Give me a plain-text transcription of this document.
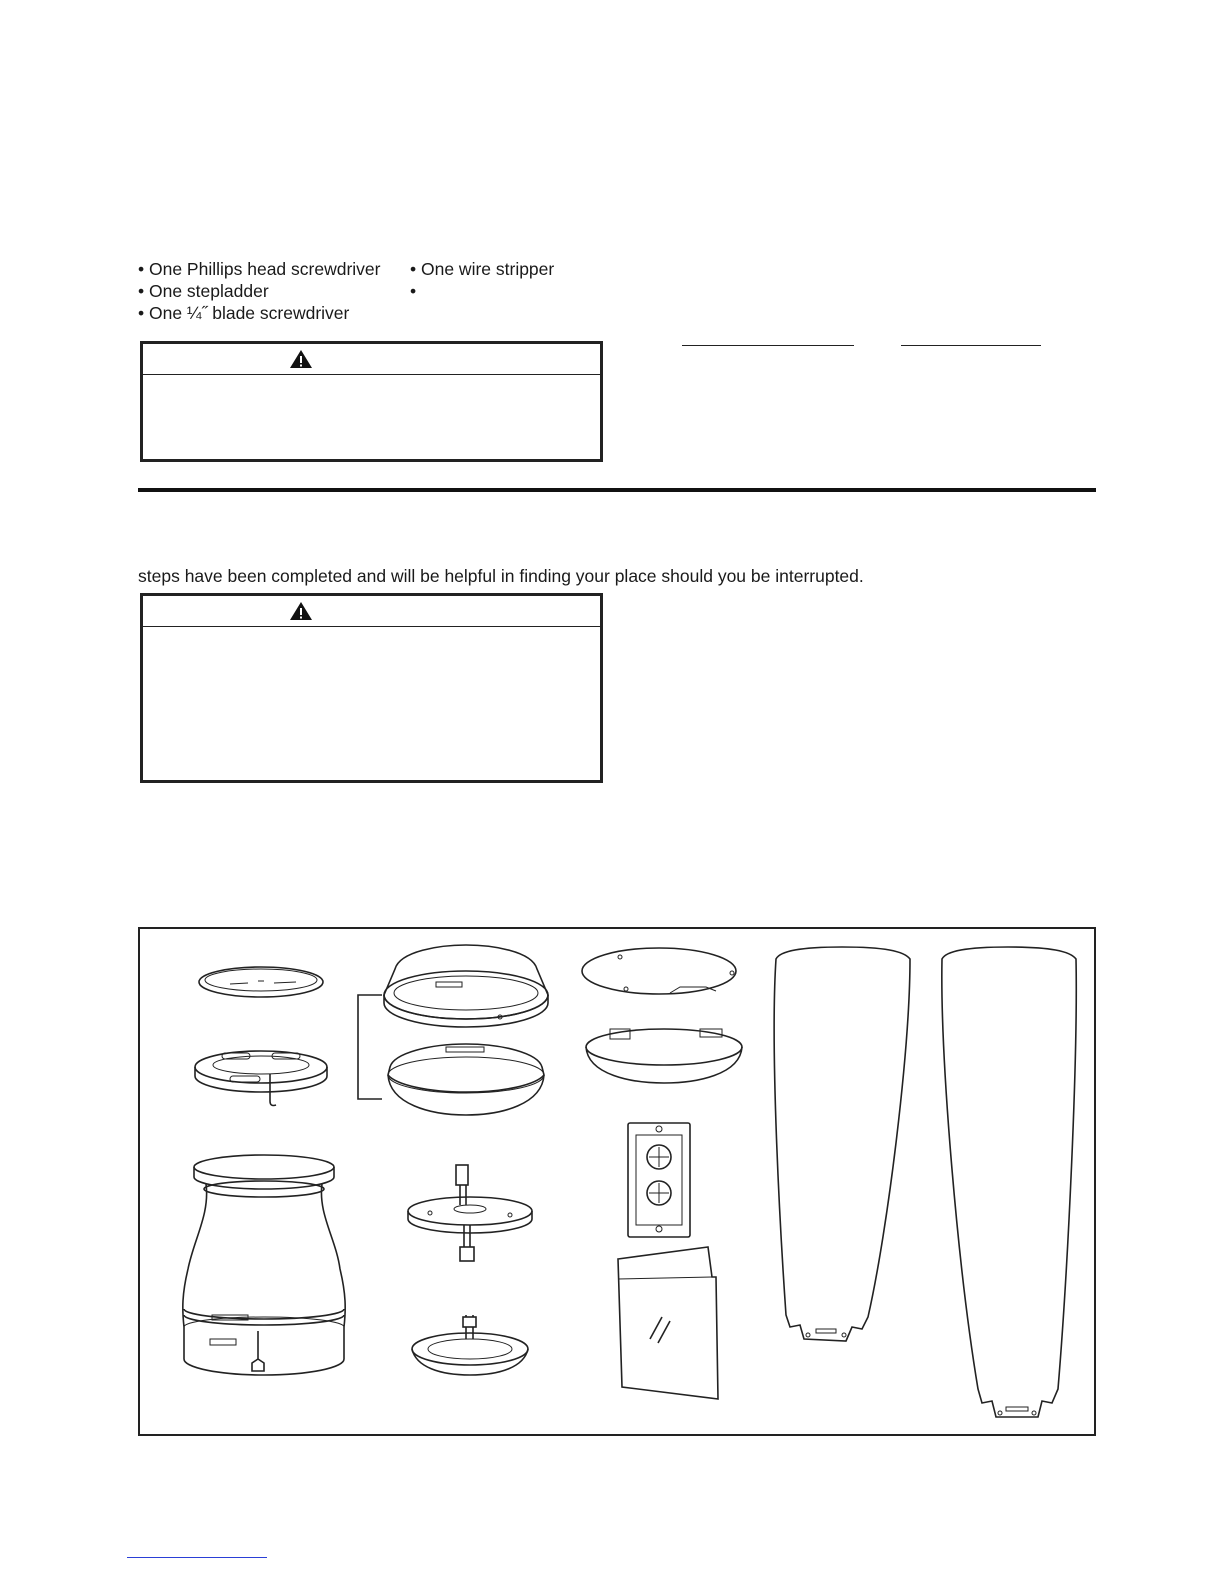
• One Phillips head screwdriver
• One stepladder
• One ¼˝ blade screwdriver
• One wire stripper
•
steps have been completed and will be helpful in finding your place should you be interrupted.
